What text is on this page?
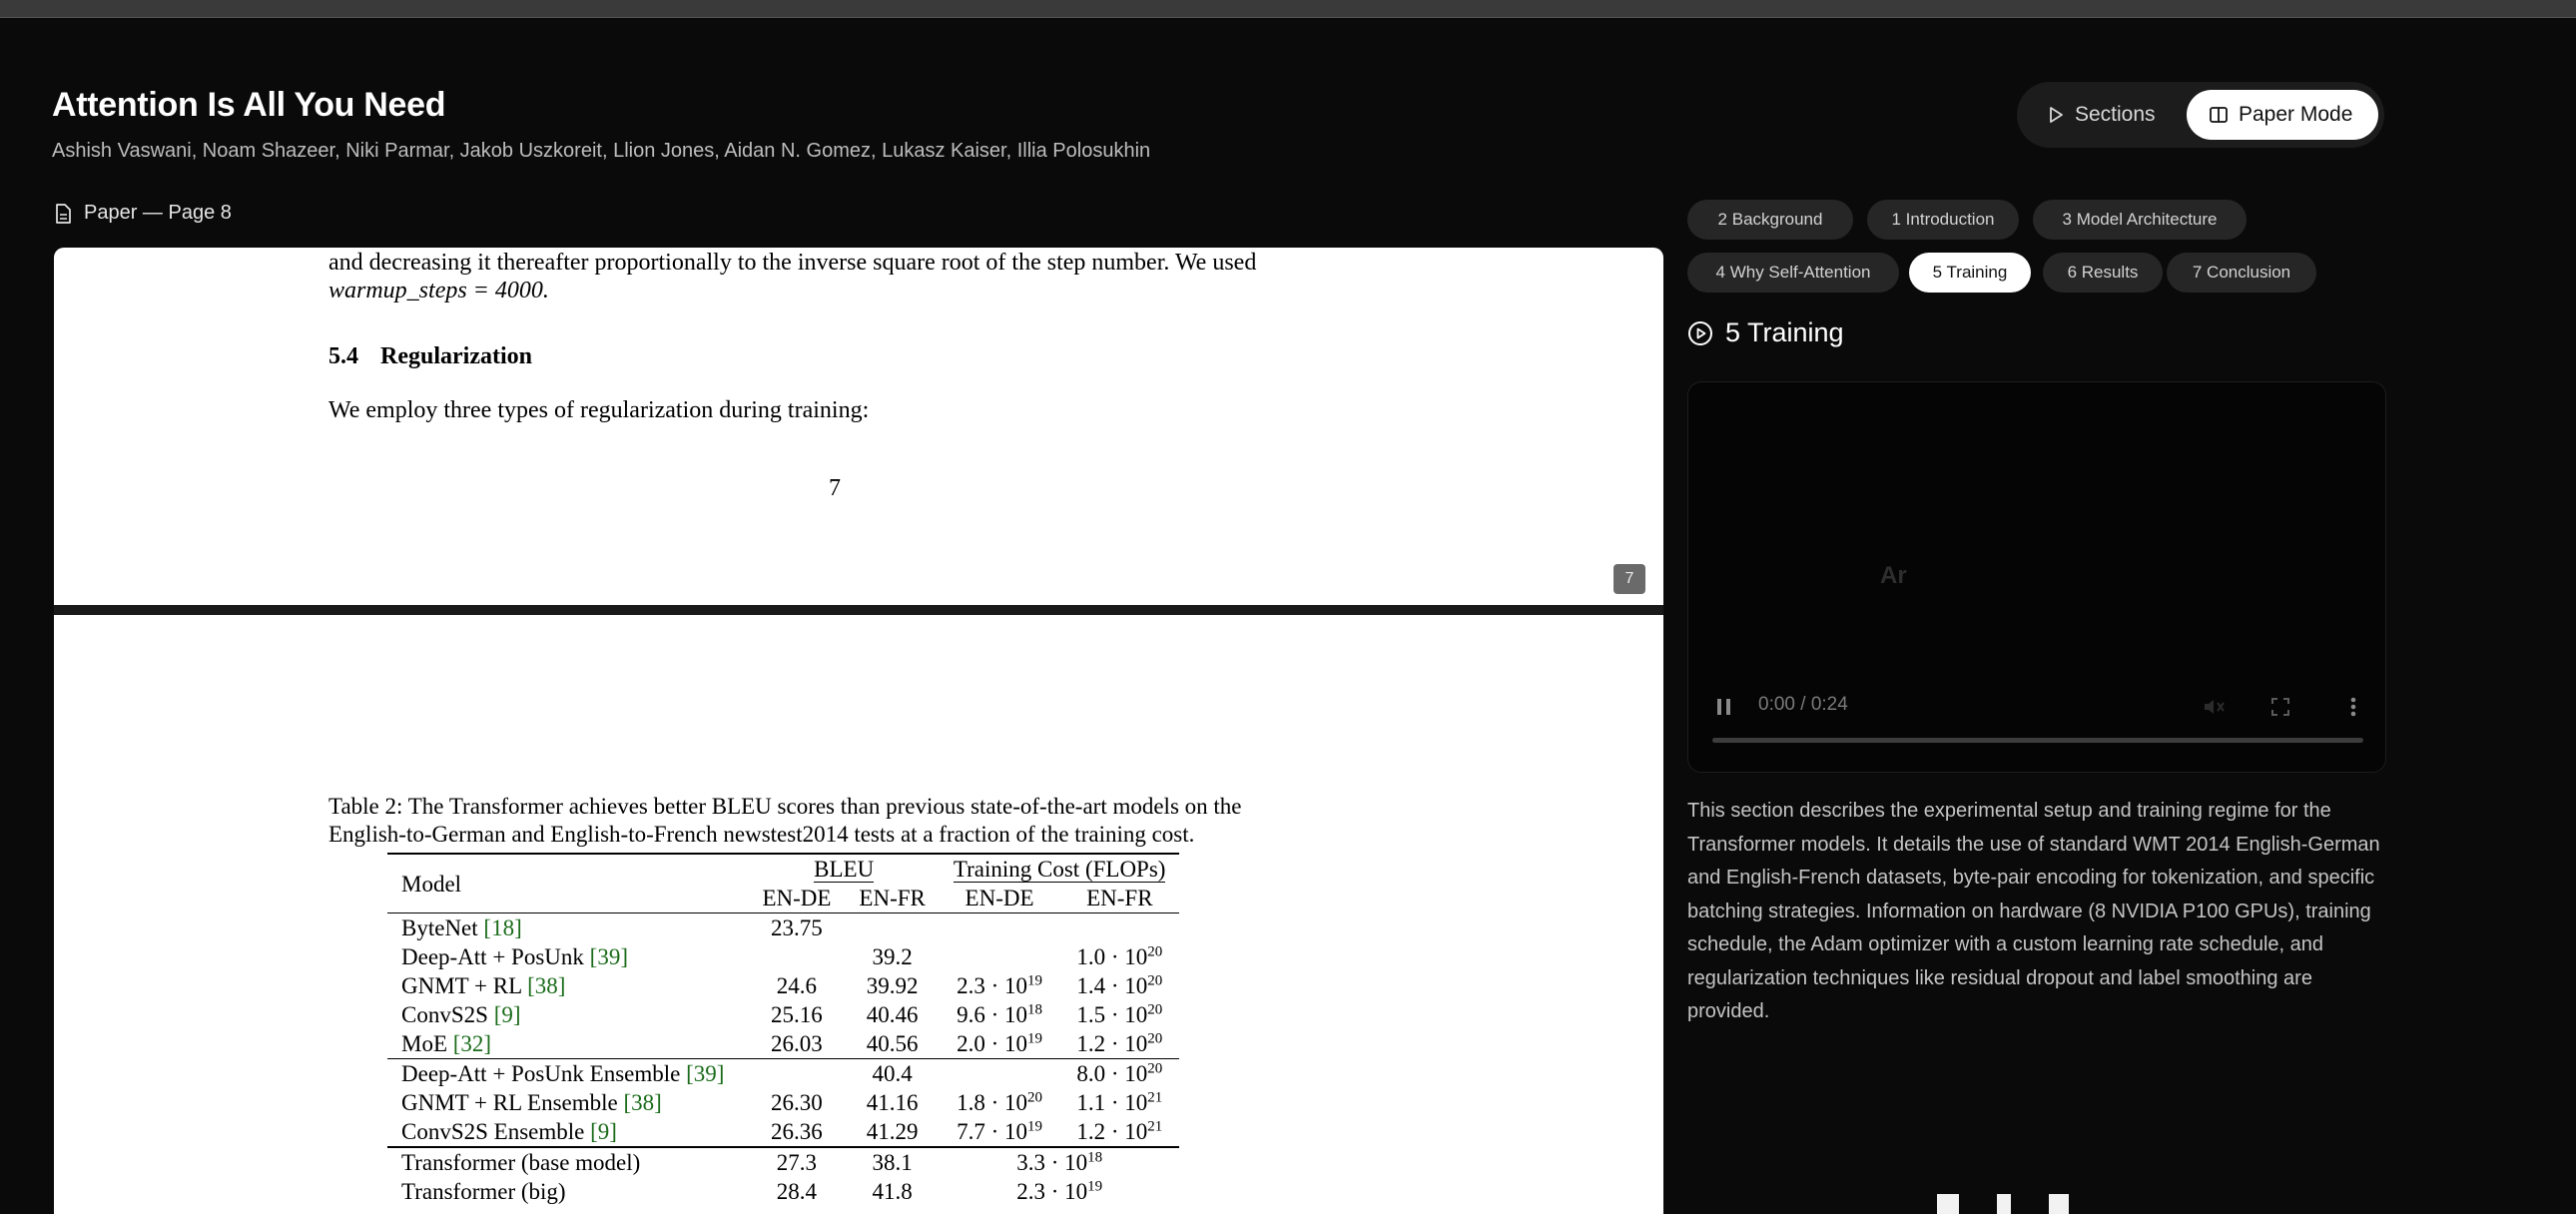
Attention Is All You Need
Ashish Vaswani, Noam Shazeer, Niki Parmar, Jakob Uszkoreit, Llion Jones, Aidan N. Gomez, Lukasz Kaiser, Illia Polosukhin
Sections	Paper Mode
Paper — Page 8
and decreasing it thereafter proportionally to the inverse square root of the step number. We used
warmup_steps = 4000.
5.4 Regularization
We employ three types of regularization during training:
7
7
Table 2: The Transformer achieves better BLEU scores than previous state-of-the-art models on the
English-to-German and English-to-French newstest2014 tests at a fraction of the training cost.
Model	BLEU		Training Cost (FLOPs)	
	EN-DE	EN-FR	EN-DE	EN-FR
ByteNet [18]	23.75			
Deep-Att + PosUnk [39]		39.2		$1.0 \cdot 10^{20}$
GNMT + RL [38]	24.6	39.92	$2.3 \cdot 10^{19}$	$1.4 \cdot 10^{20}$
ConvS2S [9]	25.16	40.46	$9.6 \cdot 10^{18}$	$1.5 \cdot 10^{20}$
MoE [32]	26.03	40.56	$2.0 \cdot 10^{19}$	$1.2 \cdot 10^{20}$
Deep-Att + PosUnk Ensemble [39]		40.4		$8.0 \cdot 10^{20}$
GNMT + RL Ensemble [38]	26.30	41.16	$1.8 \cdot 10^{20}$	$1.1 \cdot 10^{21}$
ConvS2S Ensemble [9]	26.36	41.29	$7.7 \cdot 10^{19}$	$1.2 \cdot 10^{21}$
Transformer (base model)	27.3	38.1	$3.3 \cdot 10^{18}$
Transformer (big)	28.4	41.8	$2.3 \cdot 10^{19}$
2 Background	1 Introduction	3 Model Architecture
4 Why Self-Attention	5 Training	6 Results	7 Conclusion
5 Training
Ar
0:00 / 0:24
This section describes the experimental setup and training regime for the Transformer models. It details the use of standard WMT 2014 English-German and English-French datasets, byte-pair encoding for tokenization, and specific batching strategies. Information on hardware (8 NVIDIA P100 GPUs), training schedule, the Adam optimizer with a custom learning rate schedule, and regularization techniques like residual dropout and label smoothing are provided.
